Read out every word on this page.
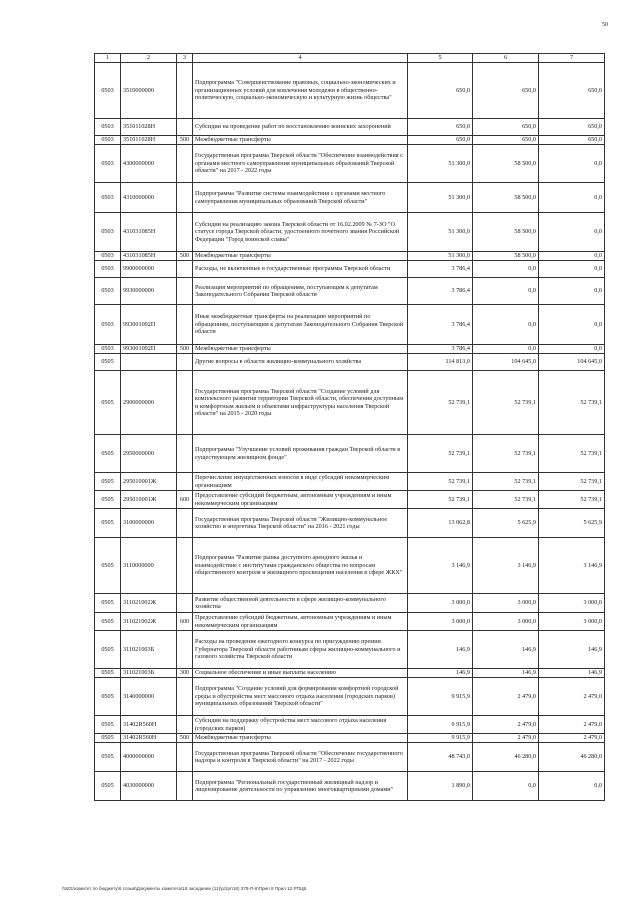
50
1	2	3	4	5	6	7
0503	3510000000		Подпрограмма "Совершенствование правовых, социально-экономических и организационных условий для вовлечения молодежи в общественно-политическую, социально-экономическую и культурную жизнь общества"	650,0	650,0	650,0
0503	351011028Н		Субсидии на проведение работ по восстановлению воинских захоронений	650,0	650,0	650,0
0503	351011028Н	500	Межбюджетные трансферты	650,0	650,0	650,0
0503	4300000000		Государственная программа Тверской области "Обеспечение взаимодействия с органами местного самоуправления муниципальных образований Тверской области" на 2017 - 2022 годы	51 300,0	58 500,0	0,0
0503	4310000000		Подпрограмма "Развитие системы взаимодействия с органами местного самоуправления муниципальных образований Тверской области"	51 300,0	58 500,0	0,0
0503	431031085Н		Субсидии на реализацию закона Тверской области от 16.02.2009 № 7-ЗО "О статусе города Тверской области, удостоенного почетного звания Российской Федерации "Город воинской славы"	51 300,0	58 500,0	0,0
0503	431031085Н	500	Межбюджетные трансферты	51 300,0	58 500,0	0,0
0503	9900000000		Расходы, не включенные в государственные программы Тверской области	3 786,4	0,0	0,0
0503	9930000000		Реализация мероприятий по обращениям, поступающим к депутатам Законодательного Собрания Тверской области	3 786,4	0,0	0,0
0503	993001092П		Иные межбюджетные трансферты на реализацию мероприятий по обращениям, поступающим к депутатам Законодательного Собрания Тверской области	3 786,4	0,0	0,0
0503	993001092П	500	Межбюджетные трансферты	3 786,4	0,0	0,0
0505			Другие вопросы в области жилищно-коммунального хозяйства	114 813,0	104 645,0	104 645,0
0505	2900000000		Государственная программа Тверской области "Создание условий для комплексного развития территории Тверской области, обеспечения доступным и комфортным жильем и объектами инфраструктуры населения Тверской области" на 2015 - 2020 годы	52 739,1	52 739,1	52 739,1
0505	2950000000		Подпрограмма "Улучшение условий проживания граждан Тверской области в существующем жилищном фонде"	52 739,1	52 739,1	52 739,1
0505	295010001Ж		Перечисление имущественных взносов в виде субсидий некоммерческим организациям	52 739,1	52 739,1	52 739,1
0505	295010001Ж	600	Предоставление субсидий бюджетным, автономным учреждениям и иным некоммерческим организациям	52 739,1	52 739,1	52 739,1
0505	3100000000		Государственная программа Тверской области "Жилищно-коммунальное хозяйство и энергетика Тверской области" на 2016 - 2021 годы	13 062,8	5 625,9	5 625,9
0505	3110000000		Подпрограмма "Развитие рынка доступного арендного жилья и взаимодействие с институтами гражданского общества по вопросам общественного контроля и жилищного просвещения населения в сфере ЖКХ"	3 146,9	3 146,9	3 146,9
0505	311021002Ж		Развитие общественной деятельности в сфере жилищно-коммунального хозяйства	3 000,0	3 000,0	3 000,0
0505	311021002Ж	600	Предоставление субсидий бюджетным, автономным учреждениям и иным некоммерческим организациям	3 000,0	3 000,0	3 000,0
0505	311021003Б		Расходы на проведение ежегодного конкурса по присуждению премии Губернатора Тверской области работникам сферы жилищно-коммунального и газового хозяйства Тверской области	146,9	146,9	146,9
0505	311021003Б	300	Социальное обеспечение и иные выплаты населению	146,9	146,9	146,9
0505	3140000000		Подпрограмма "Создание условий для формирования комфортной городской среды и обустройства мест массового отдыха населения (городских парков) муниципальных образований Тверской области"	9 915,9	2 479,0	2 479,0
0505	31402R560Н		Субсидии на поддержку обустройства мест массового отдыха населения (городских парков)	9 915,9	2 479,0	2 479,0
0505	31402R560Н	500	Межбюджетные трансферты	9 915,9	2 479,0	2 479,0
0505	4000000000		Государственная программа Тверской области "Обеспечение государственного надзора и контроля в Тверской области" на 2017 - 2022 годы	48 743,0	46 280,0	46 280,0
0505	4030000000		Подпрограмма "Региональный государственный жилищный надзор и лицензирование деятельности по управлению многоквартирными домами"	1 890,0	0,0	0,0
\\ts01\комитет по бюджету\6 созыв\Документы комитета\18 заседание (11)\p\zpr\18) 378-П-6\Прил 8 Прил 12 РПЦБ
